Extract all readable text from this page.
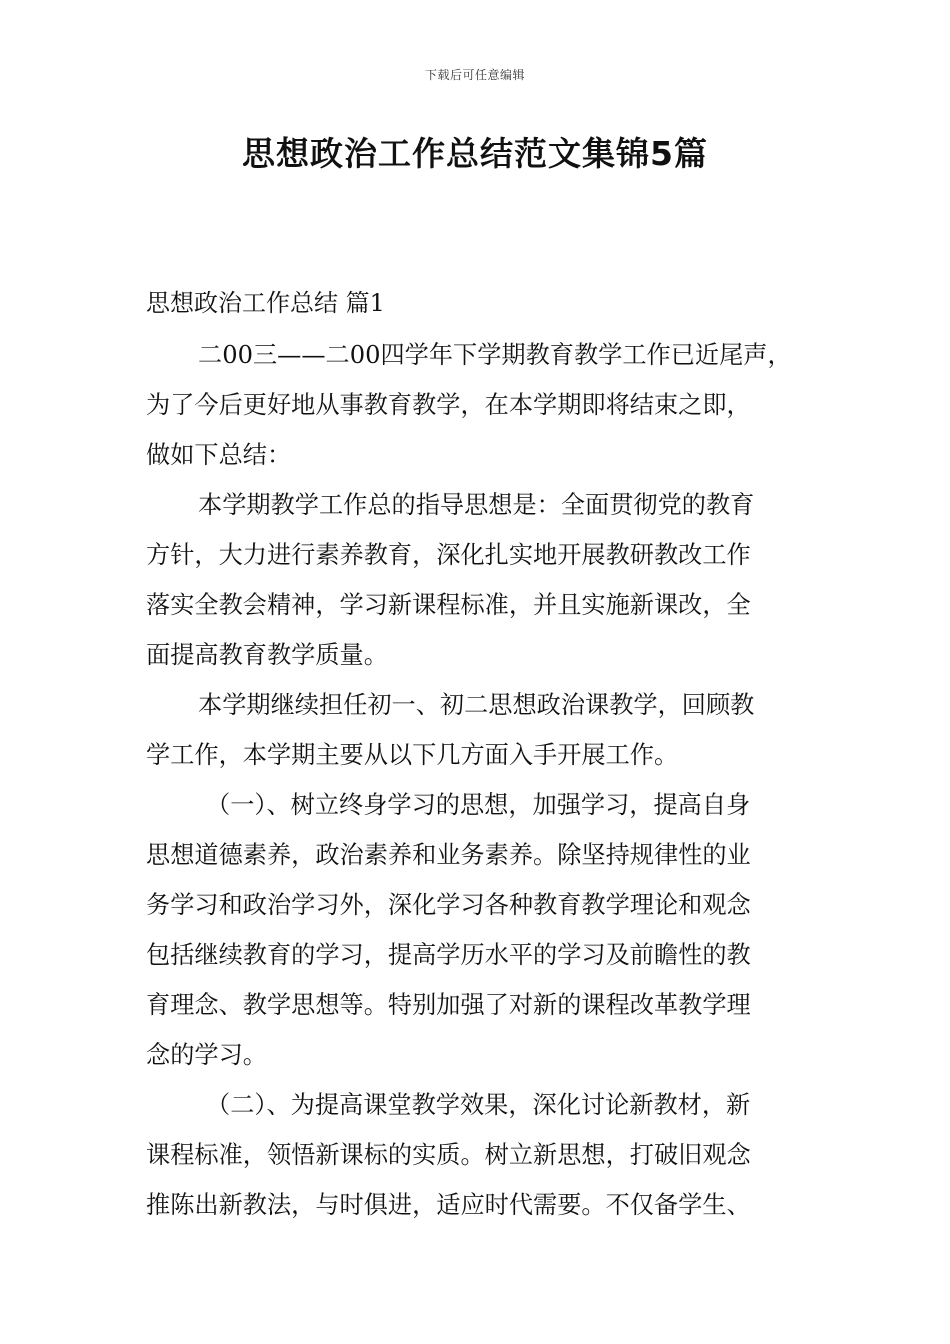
下载后可任意编辑
思想政治工作总结范文集锦5篇
思想政治工作总结 篇1
二00三——二00四学年下学期教育教学工作已近尾声，
为了今后更好地从事教育教学，在本学期即将结束之即，
做如下总结：
本学期教学工作总的指导思想是：全面贯彻党的教育
方针，大力进行素养教育，深化扎实地开展教研教改工作
落实全教会精神，学习新课程标准，并且实施新课改，全
面提高教育教学质量。
本学期继续担任初一、初二思想政治课教学，回顾教
学工作，本学期主要从以下几方面入手开展工作。
（一）、树立终身学习的思想，加强学习，提高自身
思想道德素养，政治素养和业务素养。除坚持规律性的业
务学习和政治学习外，深化学习各种教育教学理论和观念
包括继续教育的学习，提高学历水平的学习及前瞻性的教
育理念、教学思想等。特别加强了对新的课程改革教学理
念的学习。
（二）、为提高课堂教学效果，深化讨论新教材，新
课程标准，领悟新课标的实质。树立新思想，打破旧观念
推陈出新教法，与时俱进，适应时代需要。不仅备学生、
